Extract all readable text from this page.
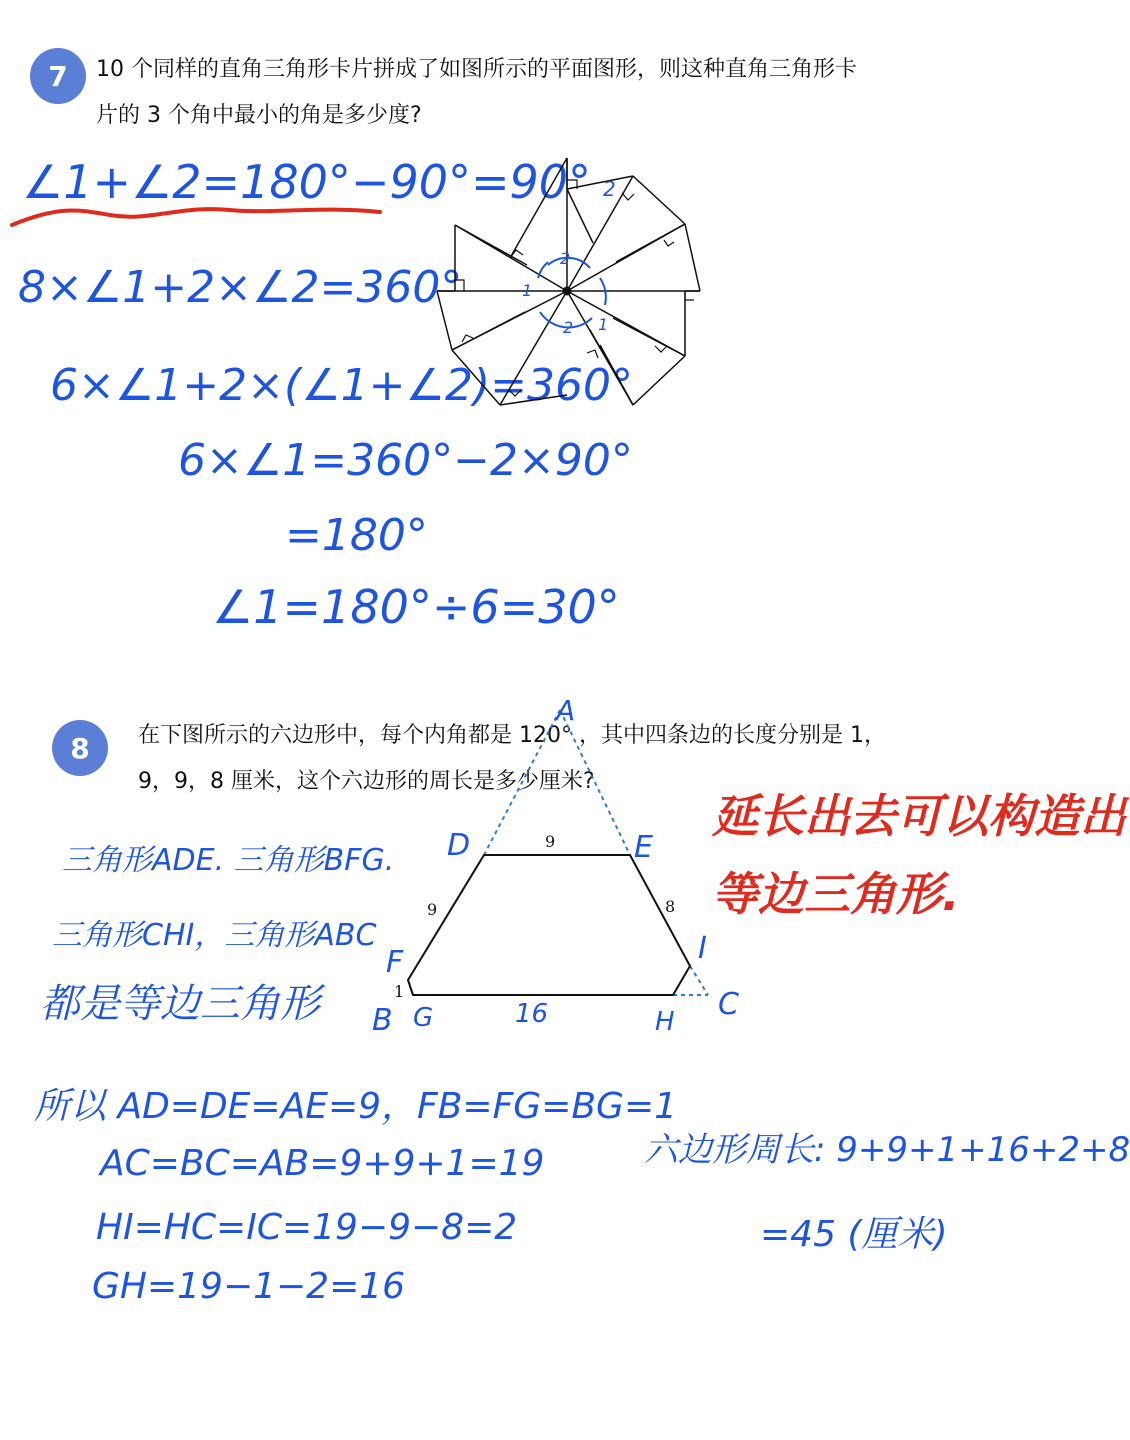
7	10 个同样的直角三角形卡片拼成了如图所示的平面图形，则这种直角三角形卡
片的 3 个角中最小的角是多少度?
∠1+∠2=180°−90°=90°
8×∠1+2×∠2=360°
6×∠1+2×(∠1+∠2)=360°
6×∠1=360°−2×90°
=180°
∠1=180°÷6=30°
2
2 1
1
2
8	在下图所示的六边形中，每个内角都是 120° ，其中四条边的长度分别是 1，
9，9，8 厘米，这个六边形的周长是多少厘米?
9
9	8
1
A
D	E
F
B G	16	H
I
C
延长出去可以构造出
等边三角形.
三角形ADE. 三角形BFG.
三角形CHI，三角形ABC
都是等边三角形
所以 AD=DE=AE=9，FB=FG=BG=1
AC=BC=AB=9+9+1=19
HI=HC=IC=19−9−8=2
GH=19−1−2=16
六边形周长: 9+9+1+16+2+8
=45 (厘米)
